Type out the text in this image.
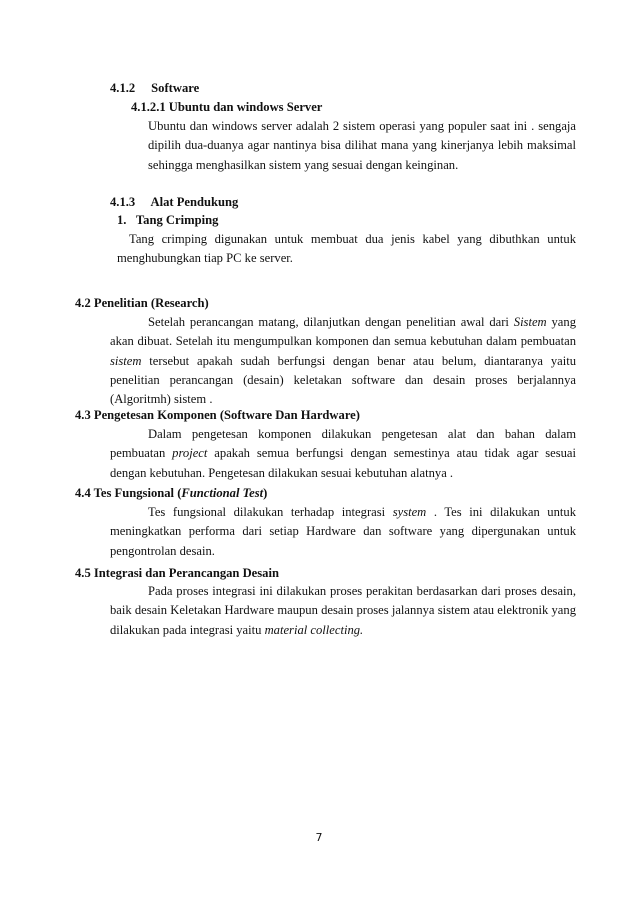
4.1.2 Software
4.1.2.1 Ubuntu dan windows Server
Ubuntu dan windows server adalah 2 sistem operasi yang populer saat ini . sengaja dipilih dua-duanya agar nantinya bisa dilihat mana yang kinerjanya lebih maksimal sehingga menghasilkan sistem yang sesuai dengan keinginan.
4.1.3 Alat Pendukung
1. Tang Crimping
Tang crimping digunakan untuk membuat dua jenis kabel yang dibuthkan untuk menghubungkan tiap PC ke server.
4.2 Penelitian (Research)
Setelah perancangan matang, dilanjutkan dengan penelitian awal dari Sistem yang akan dibuat. Setelah itu mengumpulkan komponen dan semua kebutuhan dalam pembuatan sistem tersebut apakah sudah berfungsi dengan benar atau belum, diantaranya yaitu penelitian perancangan (desain) keletakan software dan desain proses berjalannya (Algoritmh) sistem .
4.3 Pengetesan Komponen (Software Dan Hardware)
Dalam pengetesan komponen dilakukan pengetesan alat dan bahan dalam pembuatan project apakah semua berfungsi dengan semestinya atau tidak agar sesuai dengan kebutuhan. Pengetesan dilakukan sesuai kebutuhan alatnya .
4.4 Tes Fungsional (Functional Test)
Tes fungsional dilakukan terhadap integrasi system . Tes ini dilakukan untuk meningkatkan performa dari setiap Hardware dan software yang dipergunakan untuk pengontrolan desain.
4.5 Integrasi dan Perancangan Desain
Pada proses integrasi ini dilakukan proses perakitan berdasarkan dari proses desain, baik desain Keletakan Hardware maupun desain proses jalannya sistem atau elektronik yang dilakukan pada integrasi yaitu material collecting.
7
